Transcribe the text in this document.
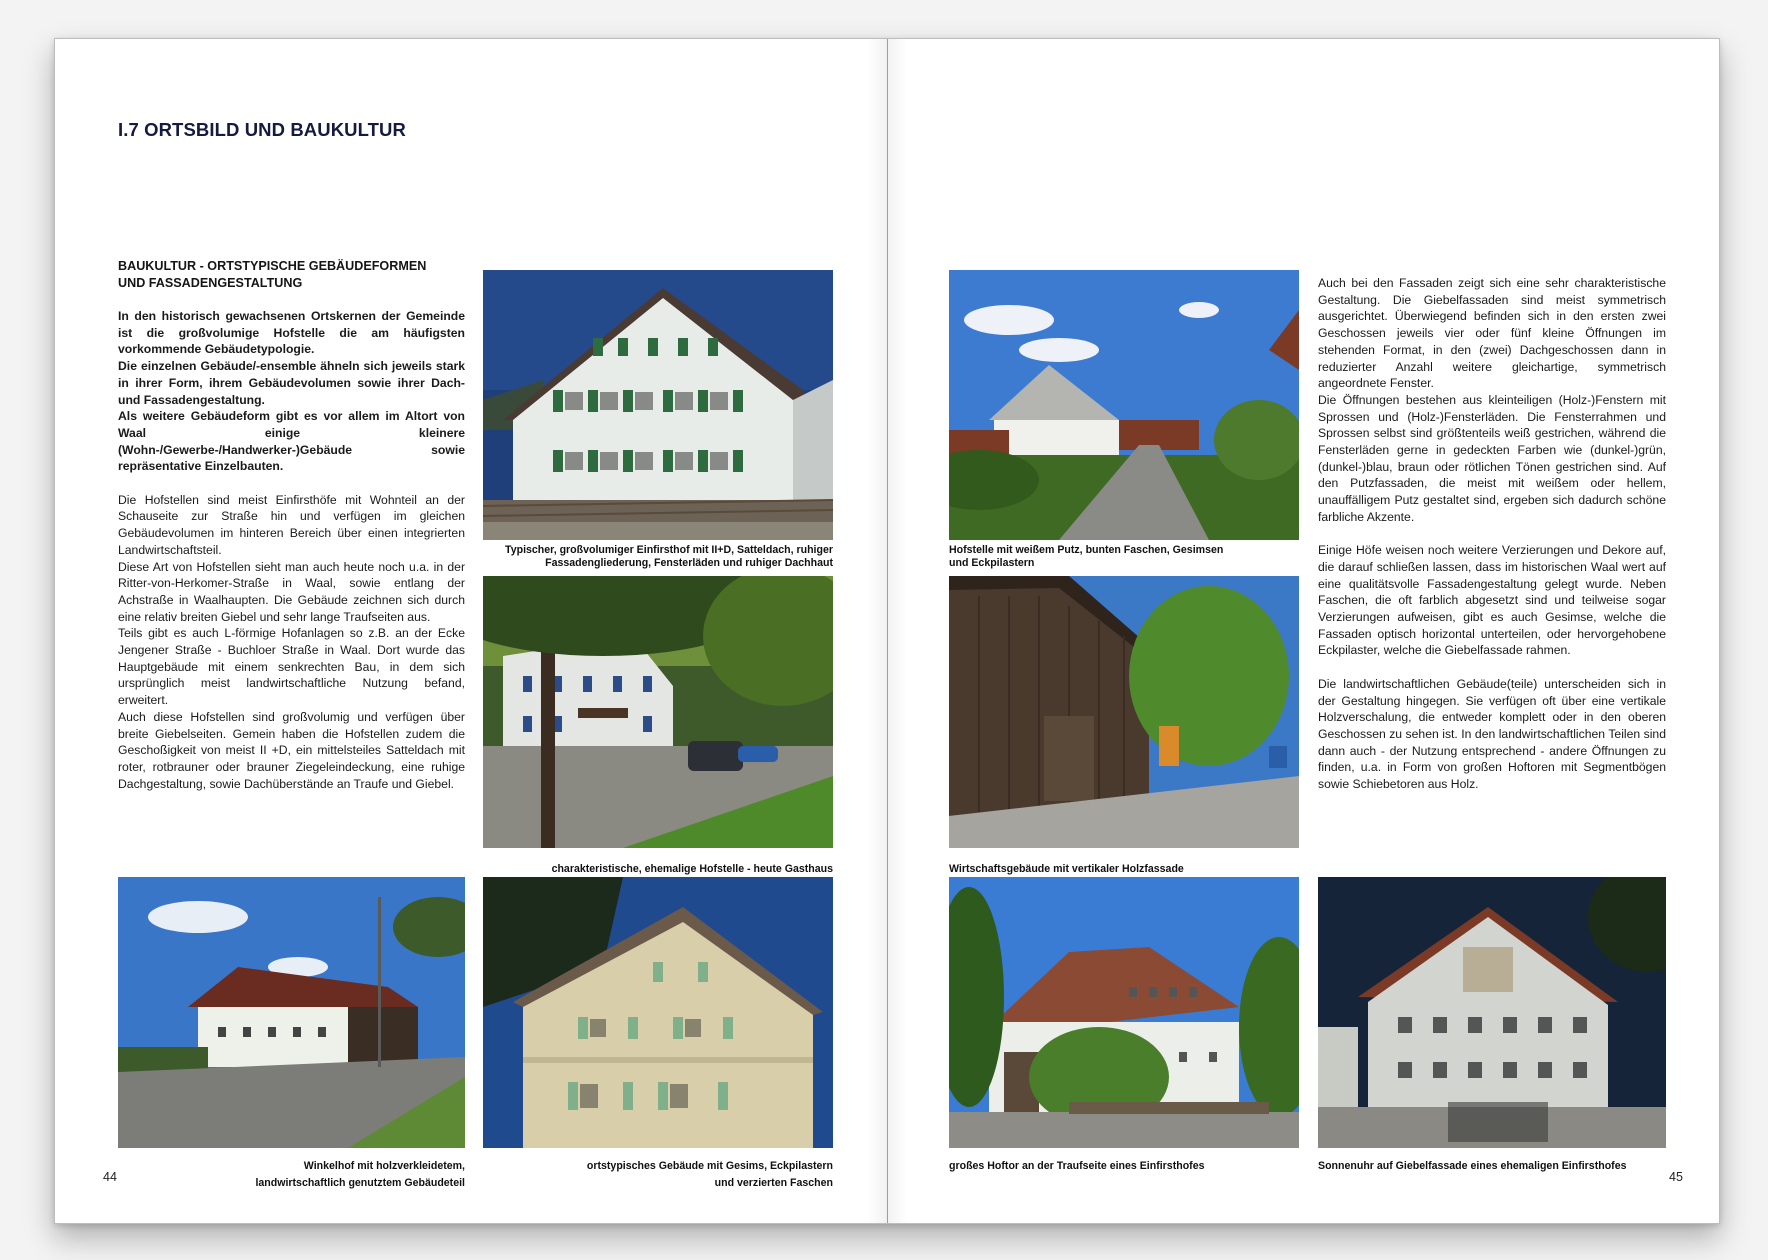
I.7 ORTSBILD UND BAUKULTUR
BAUKULTUR - ORTSTYPISCHE GEBÄUDEFORMEN UND FASSADENGESTALTUNG

In den historisch gewachsenen Ortskernen der Gemeinde ist die großvolumige Hofstelle die am häufigsten vorkommende Gebäudetypologie.

Die einzelnen Gebäude/-ensemble ähneln sich jeweils stark in ihrer Form, ihrem Gebäudevolumen sowie ihrer Dach- und Fassadengestaltung.

Als weitere Gebäudeform gibt es vor allem im Altort von Waal einige kleinere (Wohn-/Gewerbe-/Handwerker-)Gebäude sowie repräsentative Einzelbauten.

Die Hofstellen sind meist Einfirsthöfe mit Wohnteil an der Schauseite zur Straße hin und verfügen im gleichen Gebäudevolumen im hinteren Bereich über einen integrierten Landwirtschaftsteil.

Diese Art von Hofstellen sieht man auch heute noch u.a. in der Ritter-von-Herkomer-Straße in Waal, sowie entlang der Achstraße in Waalhaupten. Die Gebäude zeichnen sich durch eine relativ breiten Giebel und sehr lange Traufseiten aus.

Teils gibt es auch L-förmige Hofanlagen so z.B. an der Ecke Jengener Straße - Buchloer Straße in Waal. Dort wurde das Hauptgebäude mit einem senkrechten Bau, in dem sich ursprünglich meist landwirtschaftliche Nutzung befand, erweitert.

Auch diese Hofstellen sind großvolumig und verfügen über breite Giebelseiten. Gemein haben die Hofstellen zudem die Geschoßigkeit von meist II +D, ein mittelsteiles Satteldach mit roter, rotbrauner oder brauner Ziegeleindeckung, eine ruhige Dachgestaltung, sowie Dachüberstände an Traufe und Giebel.

Typischer, großvolumiger Einfirsthof mit II+D, Satteldach, ruhiger

Fassadengliederung, Fensterläden und ruhiger Dachhaut

charakteristische, ehemalige Hofstelle - heute Gasthaus

Winkelhof mit holzverkleidetem,

landwirtschaftlich genutztem Gebäudeteil

ortstypisches Gebäude mit Gesims, Eckpilastern

und verzierten Faschen

44

Hofstelle mit weißem Putz, bunten Faschen, Gesimsen

und Eckpilastern

Wirtschaftsgebäude mit vertikaler Holzfassade

großes Hoftor an der Traufseite eines Einfirsthofes	Sonnenuhr auf Giebelfassade eines ehemaligen Einfirsthofes

Auch bei den Fassaden zeigt sich eine sehr charakteristische Gestaltung. Die Giebelfassaden sind meist symmetrisch ausgerichtet. Überwiegend befinden sich in den ersten zwei Geschossen jeweils vier oder fünf kleine Öffnungen im stehenden Format, in den (zwei) Dachgeschossen dann in reduzierter Anzahl weitere gleichartige, symmetrisch angeordnete Fenster.

Die Öffnungen bestehen aus kleinteiligen (Holz-)Fenstern mit Sprossen und (Holz-)Fensterläden. Die Fensterrahmen und Sprossen selbst sind größtenteils weiß gestrichen, während die Fensterläden gerne in gedeckten Farben wie (dunkel-)grün, (dunkel-)blau, braun oder rötlichen Tönen gestrichen sind. Auf den Putzfassaden, die meist mit weißem oder hellem, unauffälligem Putz gestaltet sind, ergeben sich dadurch schöne farbliche Akzente.

Einige Höfe weisen noch weitere Verzierungen und Dekore auf, die darauf schließen lassen, dass im historischen Waal wert auf eine qualitätsvolle Fassadengestaltung gelegt wurde. Neben Faschen, die oft farblich abgesetzt sind und teilweise sogar Verzierungen aufweisen, gibt es auch Gesimse, welche die Fassaden optisch horizontal unterteilen, oder hervorgehobene Eckpilaster, welche die Giebelfassade rahmen.

Die landwirtschaftlichen Gebäude(teile) unterscheiden sich in der Gestaltung hingegen. Sie verfügen oft über eine vertikale Holzverschalung, die entweder komplett oder in den oberen Geschossen zu sehen ist. In den landwirtschaftlichen Teilen sind dann auch - der Nutzung entsprechend - andere Öffnungen zu finden, u.a. in Form von großen Hoftoren mit Segmentbögen sowie Schiebetoren aus Holz.

45
